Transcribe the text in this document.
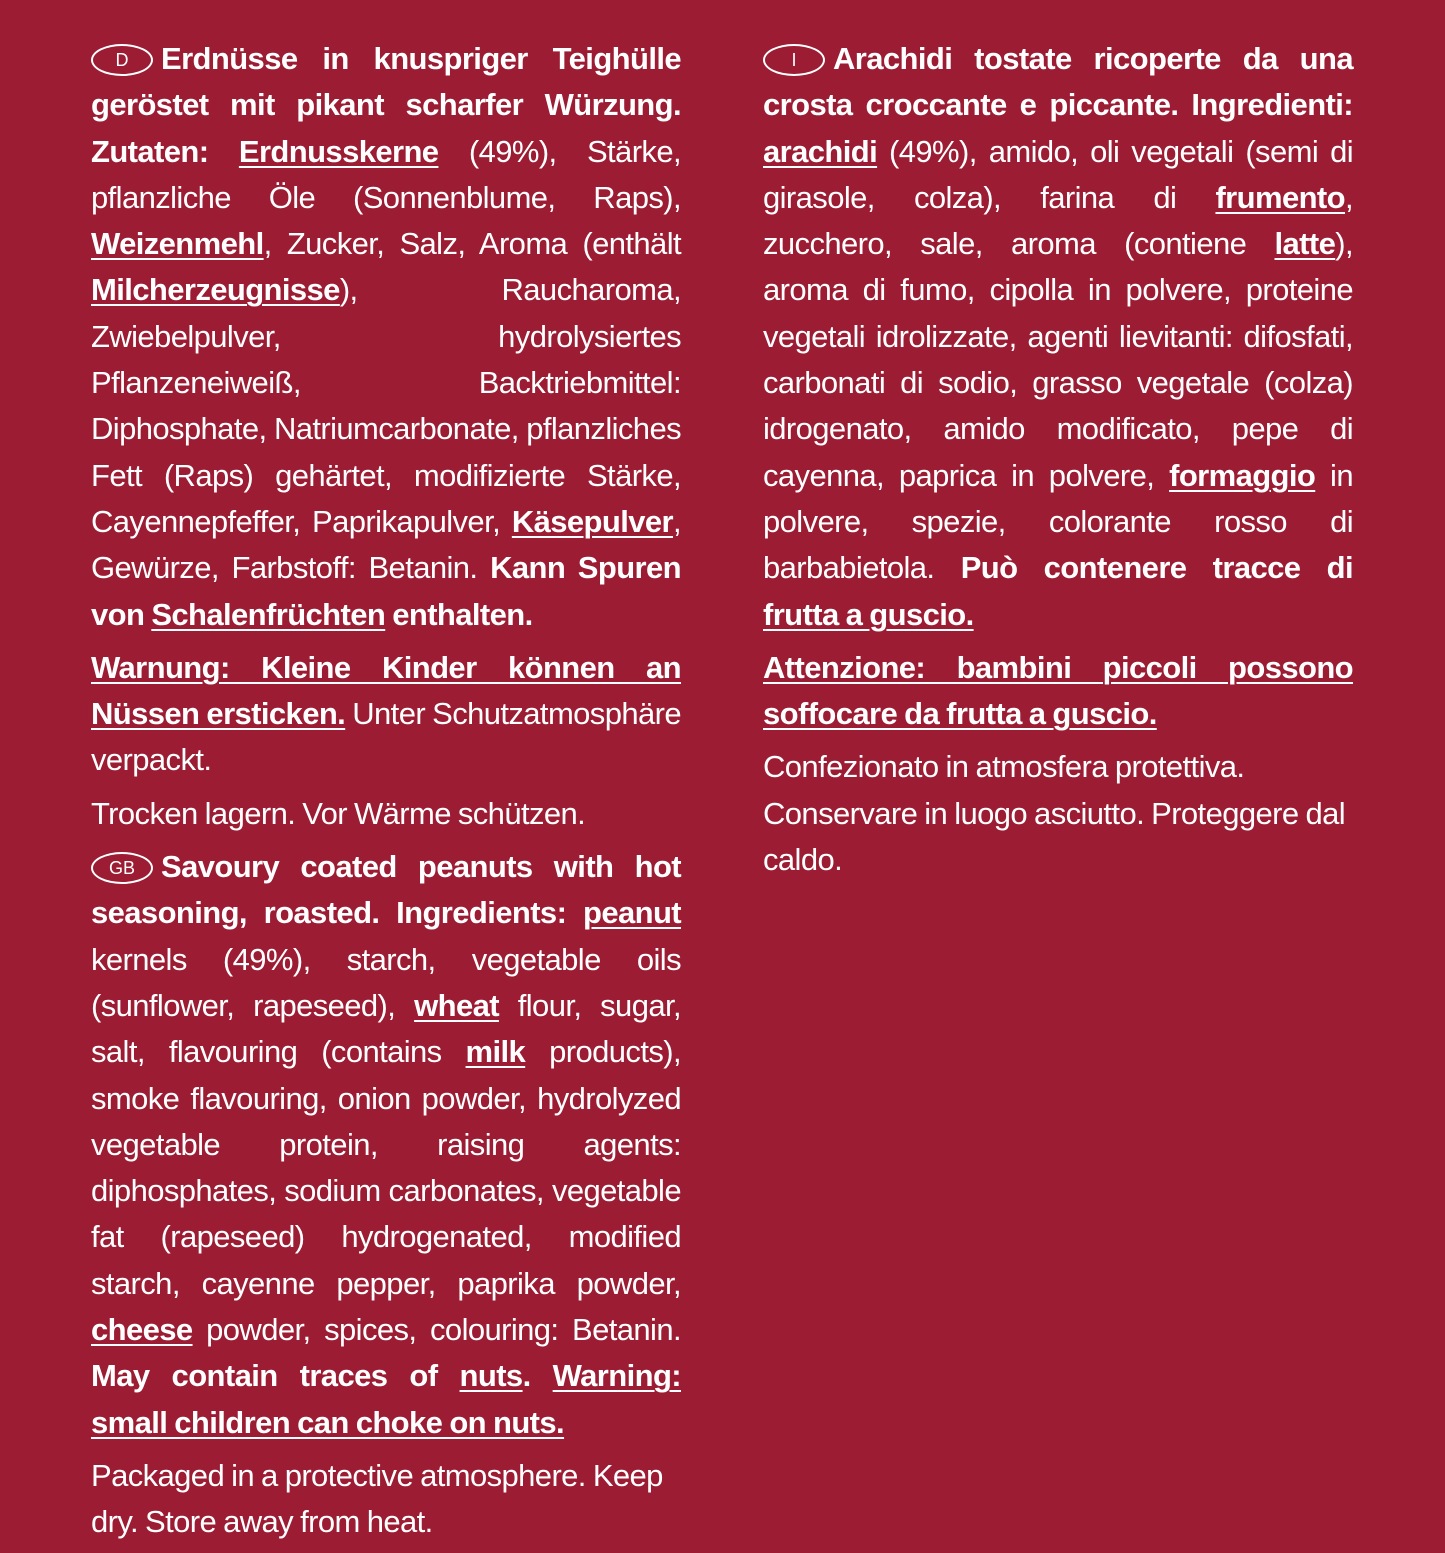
D Erdnüsse in knuspriger Teighülle geröstet mit pikant scharfer Würzung. Zutaten: Erdnusskerne (49%), Stärke, pflanzliche Öle (Sonnenblume, Raps), Weizenmehl, Zucker, Salz, Aroma (enthält Milcherzeugnisse), Raucharoma, Zwiebelpulver, hydrolysiertes Pflanzeneiweiß, Backtriebmittel: Diphosphate, Natriumcarbonate, pflanzliches Fett (Raps) gehärtet, modifizierte Stärke, Cayennepfeffer, Paprikapulver, Käsepulver, Gewürze, Farbstoff: Betanin. Kann Spuren von Schalenfrüchten enthalten.

Warnung: Kleine Kinder können an Nüssen ersticken. Unter Schutzatmosphäre verpackt.

Trocken lagern. Vor Wärme schützen.

GB Savoury coated peanuts with hot seasoning, roasted. Ingredients: peanut kernels (49%), starch, vegetable oils (sunflower, rapeseed), wheat flour, sugar, salt, flavouring (contains milk products), smoke flavouring, onion powder, hydrolyzed vegetable protein, raising agents: diphosphates, sodium carbonates, vegetable fat (rapeseed) hydrogenated, modified starch, cayenne pepper, paprika powder, cheese powder, spices, colouring: Betanin. May contain traces of nuts. Warning: small children can choke on nuts.

Packaged in a protective atmosphere. Keep dry. Store away from heat.

I Arachidi tostate ricoperte da una crosta croccante e piccante. Ingredienti: arachidi (49%), amido, oli vegetali (semi di girasole, colza), farina di frumento, zucchero, sale, aroma (contiene latte), aroma di fumo, cipolla in polvere, proteine vegetali idrolizzate, agenti lievitanti: difosfati, carbonati di sodio, grasso vegetale (colza) idrogenato, amido modificato, pepe di cayenna, paprica in polvere, formaggio in polvere, spezie, colorante rosso di barbabietola. Può contenere tracce di frutta a guscio.

Attenzione: bambini piccoli possono soffocare da frutta a guscio.

Confezionato in atmosfera protettiva. Conservare in luogo asciutto. Proteggere dal caldo.
